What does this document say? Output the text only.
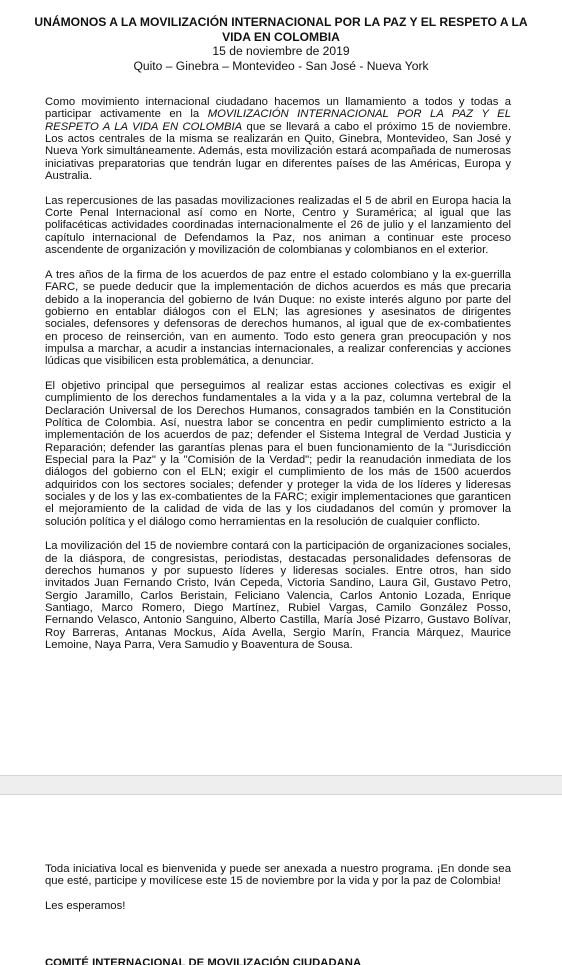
UNÁMONOS A LA MOVILIZACIÓN INTERNACIONAL POR LA PAZ Y EL RESPETO A LA VIDA EN COLOMBIA
15 de noviembre de 2019
Quito – Ginebra – Montevideo - San José - Nueva York

Como movimiento internacional ciudadano hacemos un llamamiento a todos y todas a participar activamente en la MOVILIZACIÓN INTERNACIONAL POR LA PAZ Y EL RESPETO A LA VIDA EN COLOMBIA que se llevará a cabo el próximo 15 de noviembre. Los actos centrales de la misma se realizarán en Quito, Ginebra, Montevideo, San José y Nueva York simultáneamente. Además, esta movilización estará acompañada de numerosas iniciativas preparatorias que tendrán lugar en diferentes países de las Américas, Europa y Australia.

Las repercusiones de las pasadas movilizaciones realizadas el 5 de abril en Europa hacia la Corte Penal Internacional así como en Norte, Centro y Suramérica; al igual que las polifacéticas actividades coordinadas internacionalmente el 26 de julio y el lanzamiento del capítulo internacional de Defendamos la Paz, nos animan a continuar este proceso ascendente de organización y movilización de colombianas y colombianos en el exterior.

A tres años de la firma de los acuerdos de paz entre el estado colombiano y la ex-guerrilla FARC, se puede deducir que la implementación de dichos acuerdos es más que precaria debido a la inoperancia del gobierno de Iván Duque: no existe interés alguno por parte del gobierno en entablar diálogos con el ELN; las agresiones y asesinatos de dirigentes sociales, defensores y defensoras de derechos humanos, al igual que de ex-combatientes en proceso de reinserción, van en aumento. Todo esto genera gran preocupación y nos impulsa a marchar, a acudir a instancias internacionales, a realizar conferencias y acciones lúdicas que visibilicen esta problemática, a denunciar.

El objetivo principal que perseguimos al realizar estas acciones colectivas es exigir el cumplimiento de los derechos fundamentales a la vida y a la paz, columna vertebral de la Declaración Universal de los Derechos Humanos, consagrados también en la Constitución Política de Colombia. Así, nuestra labor se concentra en pedir cumplimiento estricto a la implementación de los acuerdos de paz; defender el Sistema Integral de Verdad Justicia y Reparación; defender las garantías plenas para el buen funcionamiento de la "Jurisdicción Especial para la Paz" y la "Comisión de la Verdad"; pedir la reanudación inmediata de los diálogos del gobierno con el ELN; exigir el cumplimiento de los más de 1500 acuerdos adquiridos con los sectores sociales; defender y proteger la vida de los líderes y lideresas sociales y de los y las ex-combatientes de la FARC; exigir implementaciones que garanticen el mejoramiento de la calidad de vida de las y los ciudadanos del común y promover la solución política y el diálogo como herramientas en la resolución de cualquier conflicto.

La movilización del 15 de noviembre contará con la participación de organizaciones sociales, de la diáspora, de congresistas, periodistas, destacadas personalidades defensoras de derechos humanos y por supuesto líderes y lideresas sociales. Entre otros, han sido invitados Juan Fernando Cristo, Iván Cepeda, Victoria Sandino, Laura Gil, Gustavo Petro, Sergio Jaramillo, Carlos Beristain, Feliciano Valencia, Carlos Antonio Lozada, Enrique Santiago, Marco Romero, Diego Martínez, Rubiel Vargas, Camilo González Posso, Fernando Velasco, Antonio Sanguino, Alberto Castilla, María José Pizarro, Gustavo Bolívar, Roy Barreras, Antanas Mockus, Aída Avella, Sergio Marín, Francia Márquez, Maurice Lemoine, Naya Parra, Vera Samudio y Boaventura de Sousa.

Toda iniciativa local es bienvenida y puede ser anexada a nuestro programa. ¡En donde sea que esté, participe y movilícese este 15 de noviembre por la vida y por la paz de Colombia!

Les esperamos!

COMITÉ INTERNACIONAL DE MOVILIZACIÓN CIUDADANA
